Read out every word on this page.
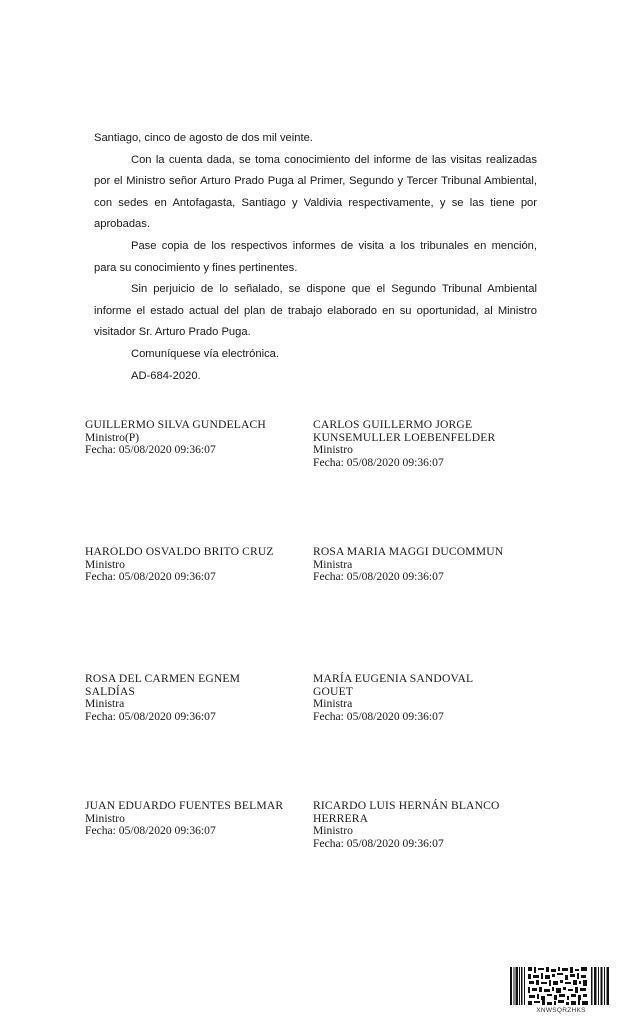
Santiago, cinco de agosto de dos mil veinte.

Con la cuenta dada, se toma conocimiento del informe de las visitas realizadas por el Ministro señor Arturo Prado Puga al Primer, Segundo y Tercer Tribunal Ambiental, con sedes en Antofagasta, Santiago y Valdivia respectivamente, y se las tiene por aprobadas.

Pase copia de los respectivos informes de visita a los tribunales en mención, para su conocimiento y fines pertinentes.

Sin perjuicio de lo señalado, se dispone que el Segundo Tribunal Ambiental informe el estado actual del plan de trabajo elaborado en su oportunidad, al Ministro visitador Sr. Arturo Prado Puga.

Comuníquese vía electrónica.

AD-684-2020.

GUILLERMO SILVA GUNDELACH
Ministro(P)
Fecha: 05/08/2020 09:36:07
CARLOS GUILLERMO JORGE
KUNSEMULLER LOEBENFELDER
Ministro
Fecha: 05/08/2020 09:36:07
HAROLDO OSVALDO BRITO CRUZ
Ministro
Fecha: 05/08/2020 09:36:07
ROSA MARIA MAGGI DUCOMMUN
Ministra
Fecha: 05/08/2020 09:36:07
ROSA DEL CARMEN EGNEM
SALDÍAS
Ministra
Fecha: 05/08/2020 09:36:07
MARÍA EUGENIA SANDOVAL
GOUET
Ministra
Fecha: 05/08/2020 09:36:07
JUAN EDUARDO FUENTES BELMAR
Ministro
Fecha: 05/08/2020 09:36:07
RICARDO LUIS HERNÁN BLANCO
HERRERA
Ministro
Fecha: 05/08/2020 09:36:07
XNWSQRZHKS
